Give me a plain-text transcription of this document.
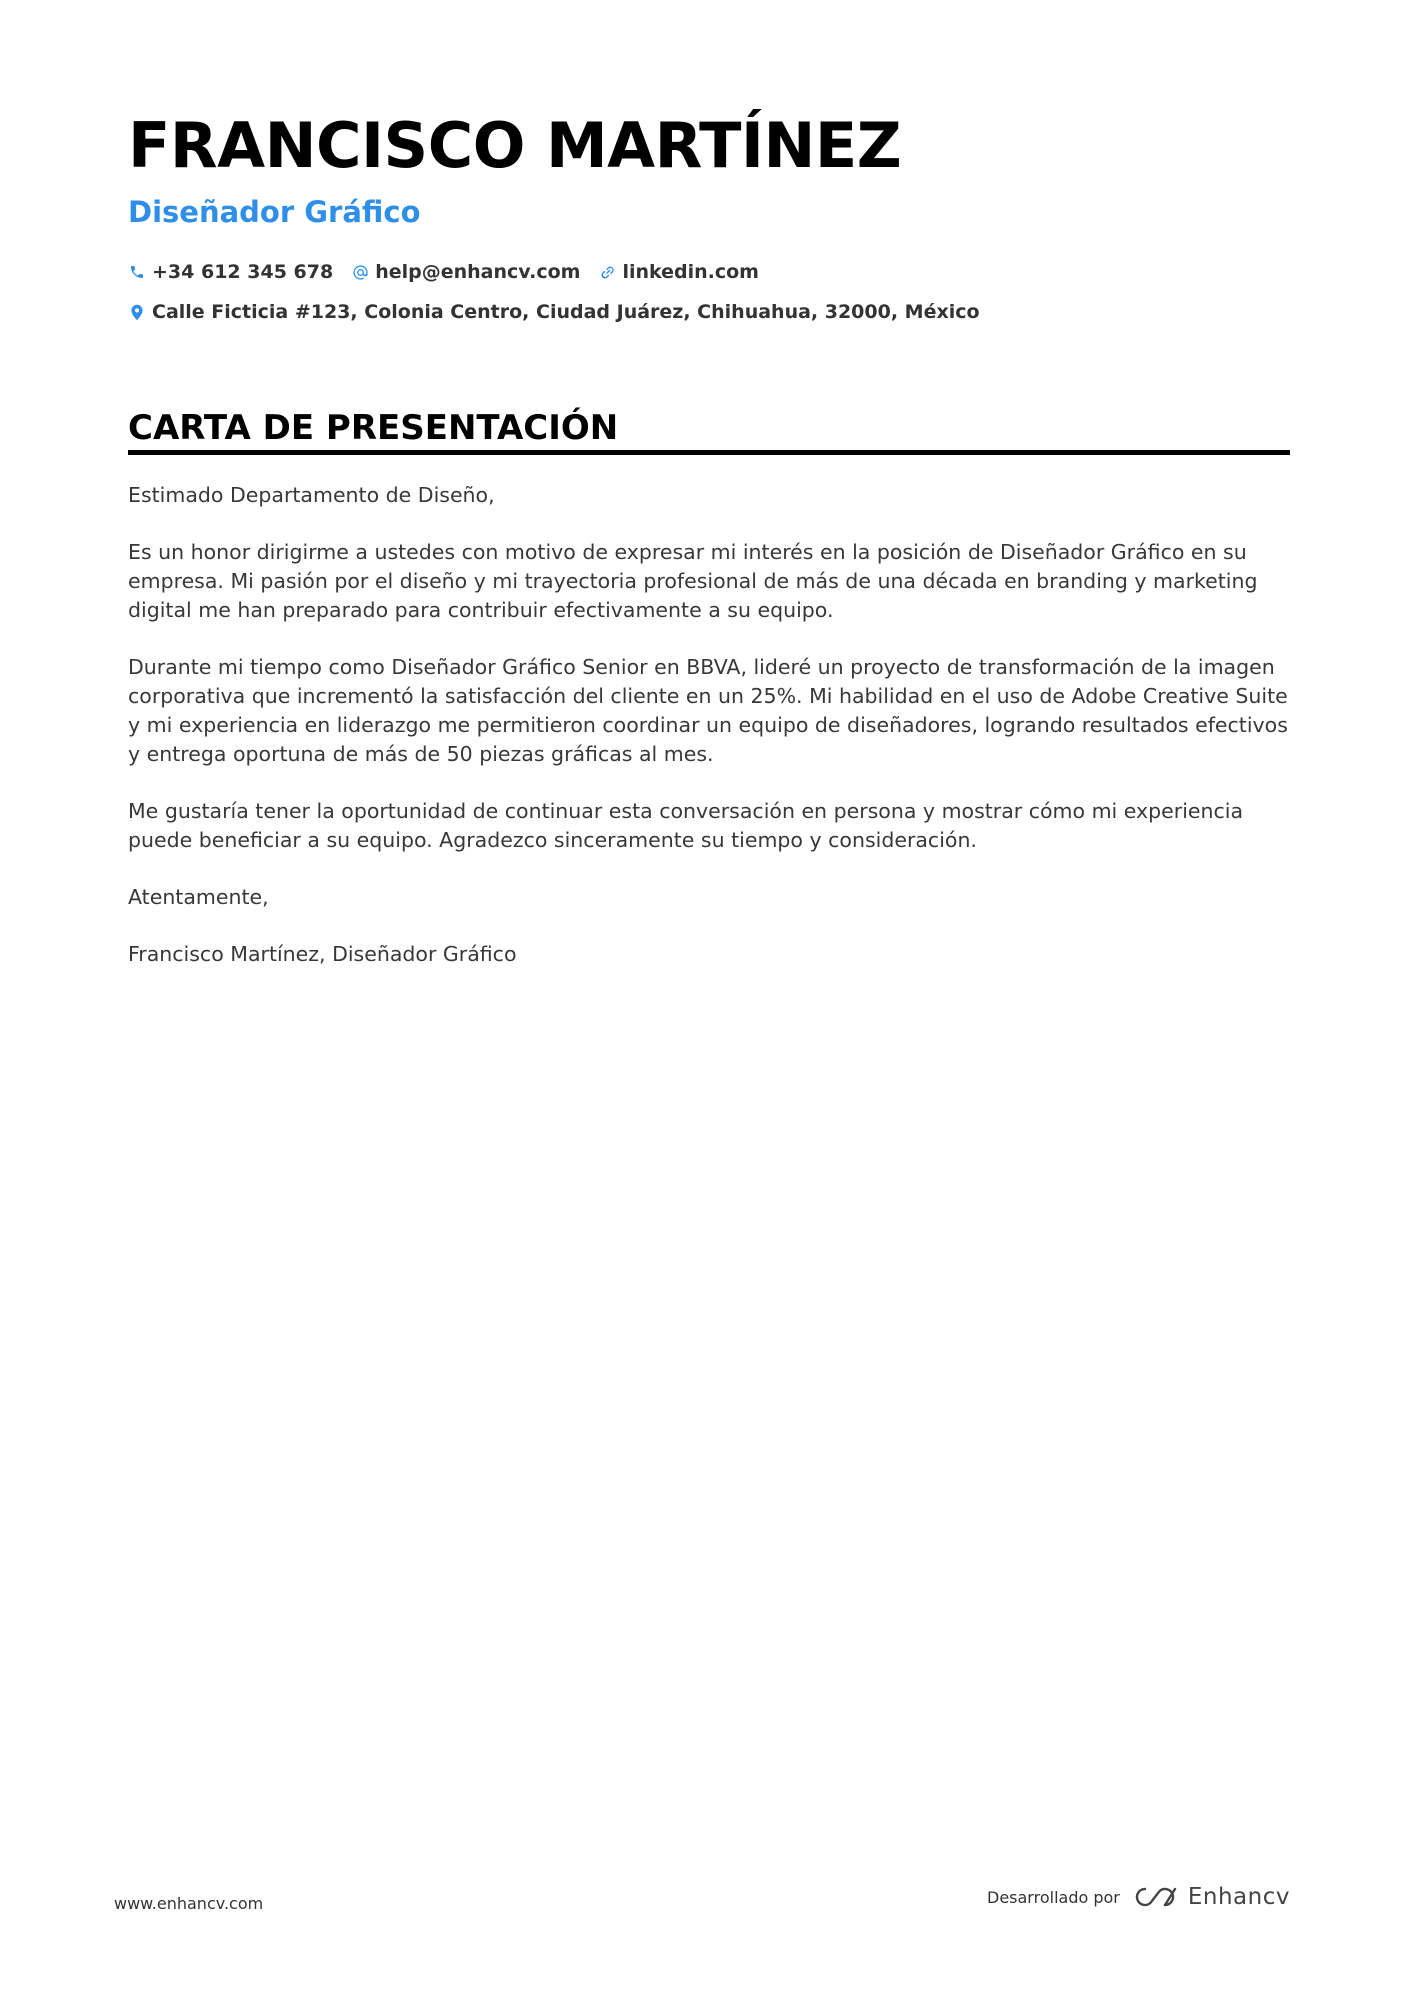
FRANCISCO MARTÍNEZ
Diseñador Gráfico
+34 612 345 678 help@enhancv.com linkedin.com
Calle Ficticia #123, Colonia Centro, Ciudad Juárez, Chihuahua, 32000, México
CARTA DE PRESENTACIÓN

Estimado Departamento de Diseño,

Es un honor dirigirme a ustedes con motivo de expresar mi interés en la posición de Diseñador Gráfico en su empresa. Mi pasión por el diseño y mi trayectoria profesional de más de una década en branding y marketing digital me han preparado para contribuir efectivamente a su equipo.

Durante mi tiempo como Diseñador Gráfico Senior en BBVA, lideré un proyecto de transformación de la imagen corporativa que incrementó la satisfacción del cliente en un 25%. Mi habilidad en el uso de Adobe Creative Suite y mi experiencia en liderazgo me permitieron coordinar un equipo de diseñadores, logrando resultados efectivos y entrega oportuna de más de 50 piezas gráficas al mes.

Me gustaría tener la oportunidad de continuar esta conversación en persona y mostrar cómo mi experiencia puede beneficiar a su equipo. Agradezco sinceramente su tiempo y consideración.

Atentamente,

Francisco Martínez, Diseñador Gráfico

www.enhancv.com	Desarrollado por	Enhancv
